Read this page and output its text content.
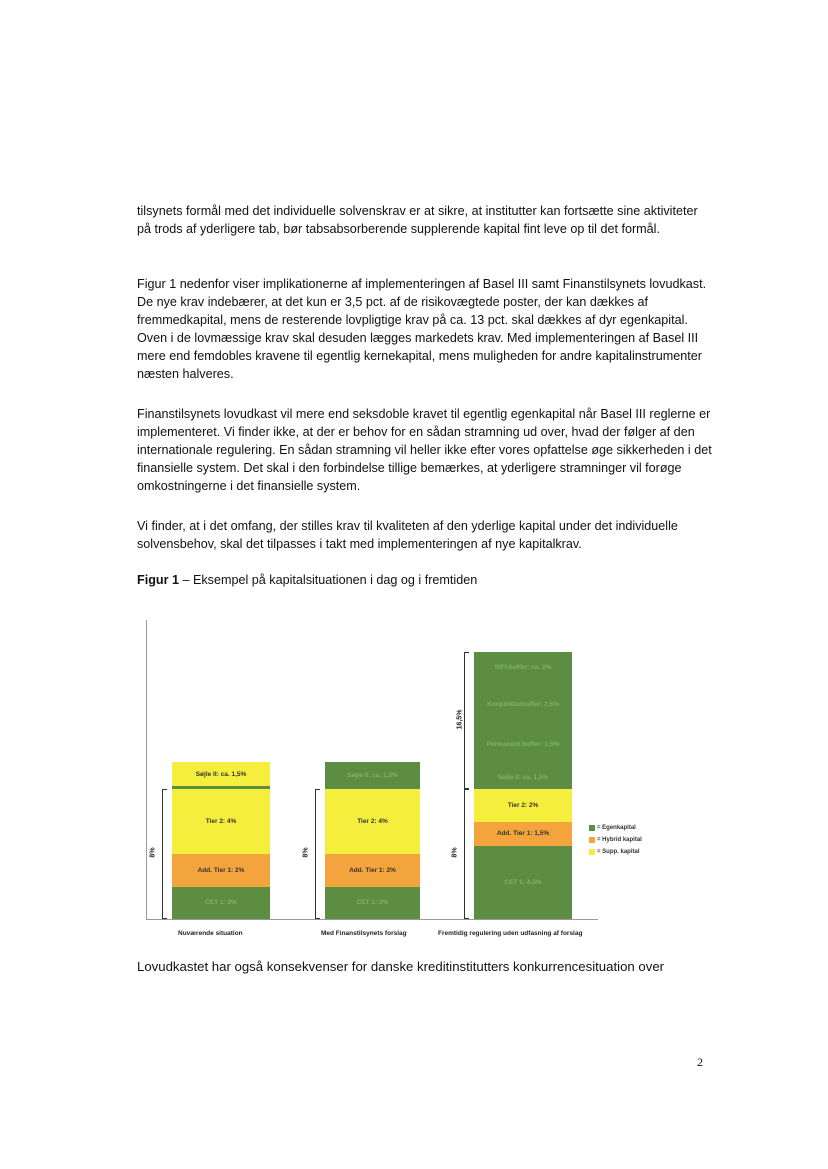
tilsynets formål med det individuelle solvenskrav er at sikre, at institutter kan fortsætte sine aktiviteter på trods af yderligere tab, bør tabsabsorberende supplerende kapital fint leve op til det formål.

Figur 1 nedenfor viser implikationerne af implementeringen af Basel III samt Finanstilsynets lovudkast. De nye krav indebærer, at det kun er 3,5 pct. af de risikovægtede poster, der kan dækkes af fremmedkapital, mens de resterende lovpligtige krav på ca. 13 pct. skal dækkes af dyr egenkapital. Oven i de lovmæssige krav skal desuden lægges markedets krav. Med implementeringen af Basel III mere end femdobles kravene til egentlig kernekapital, mens muligheden for andre kapitalinstrumenter næsten halveres.

Finanstilsynets lovudkast vil mere end seksdoble kravet til egentlig egenkapital når Basel III reglerne er implementeret. Vi finder ikke, at der er behov for en sådan stramning ud over, hvad der følger af den internationale regulering. En sådan stramning vil heller ikke efter vores opfattelse øge sikkerheden i det finansielle system. Det skal i den forbindelse tillige bemærkes, at yderligere stramninger vil forøge omkostningerne i det finansielle system.

Vi finder, at i det omfang, der stilles krav til kvaliteten af den yderlige kapital under det individuelle solvensbehov, skal det tilpasses i takt med implementeringen af nye kapitalkrav.

Figur 1 – Eksempel på kapitalsituationen i dag og i fremtiden

CET 1: 2%
Add. Tier 1: 2%
Tier 2: 4%
Søjle II: ca. 1,5%
8%
CET 1: 2%
Add. Tier 1: 2%
Tier 2: 4%
Søjle II: ca. 1,5%
8%
CET 1: 4,5%
Add. Tier 1: 1,5%
Tier 2: 2%
Søjle II: ca. 1,5%
Permanent buffer: 2,5%
Konjunkturbuffer: 2,5%
SIFI-buffer: ca. 2%
8%
16,5%
Nuværende situation	Med Finanstilsynets forslag	Fremtidig regulering uden udfasning af forslag
= Egenkapital
= Hybrid kapital
= Supp. kapital

Lovudkastet har også konsekvenser for danske kreditinstitutters konkurrencesituation over

2
